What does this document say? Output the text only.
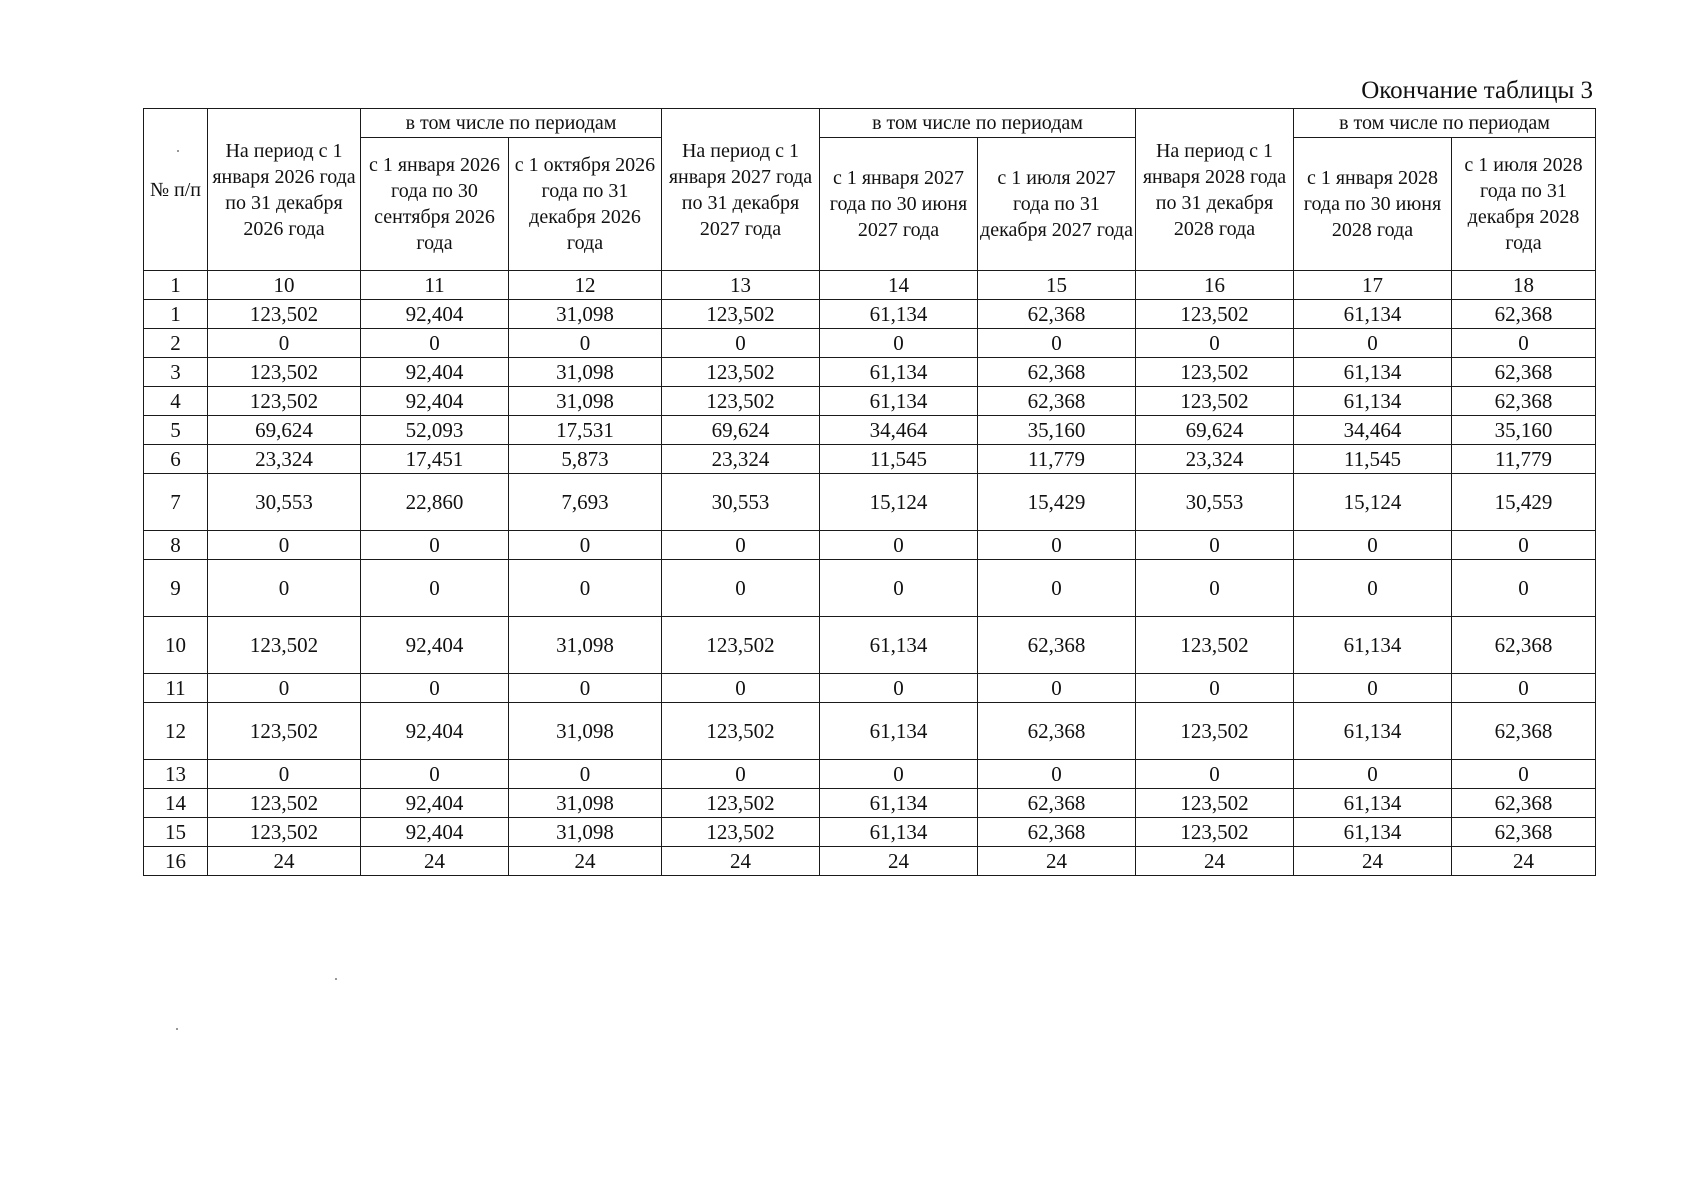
Окончание таблицы 3
№ п/п	На период с 1 января 2026 года по 31 декабря 2026 года	в том числе по периодам		На период с 1 января 2027 года по 31 декабря 2027 года	в том числе по периодам		На период с 1 января 2028 года по 31 декабря 2028 года	в том числе по периодам	
		с 1 января 2026 года по 30 сентября 2026 года	с 1 октября 2026 года по 31 декабря 2026 года		с 1 января 2027 года по 30 июня 2027 года	с 1 июля 2027 года по 31 декабря 2027 года		с 1 января 2028 года по 30 июня 2028 года	с 1 июля 2028 года по 31 декабря 2028 года
1	10	11	12	13	14	15	16	17	18
1	123,502	92,404	31,098	123,502	61,134	62,368	123,502	61,134	62,368
2	0	0	0	0	0	0	0	0	0
3	123,502	92,404	31,098	123,502	61,134	62,368	123,502	61,134	62,368
4	123,502	92,404	31,098	123,502	61,134	62,368	123,502	61,134	62,368
5	69,624	52,093	17,531	69,624	34,464	35,160	69,624	34,464	35,160
6	23,324	17,451	5,873	23,324	11,545	11,779	23,324	11,545	11,779
7	30,553	22,860	7,693	30,553	15,124	15,429	30,553	15,124	15,429
8	0	0	0	0	0	0	0	0	0
9	0	0	0	0	0	0	0	0	0
10	123,502	92,404	31,098	123,502	61,134	62,368	123,502	61,134	62,368
11	0	0	0	0	0	0	0	0	0
12	123,502	92,404	31,098	123,502	61,134	62,368	123,502	61,134	62,368
13	0	0	0	0	0	0	0	0	0
14	123,502	92,404	31,098	123,502	61,134	62,368	123,502	61,134	62,368
15	123,502	92,404	31,098	123,502	61,134	62,368	123,502	61,134	62,368
16	24	24	24	24	24	24	24	24	24
